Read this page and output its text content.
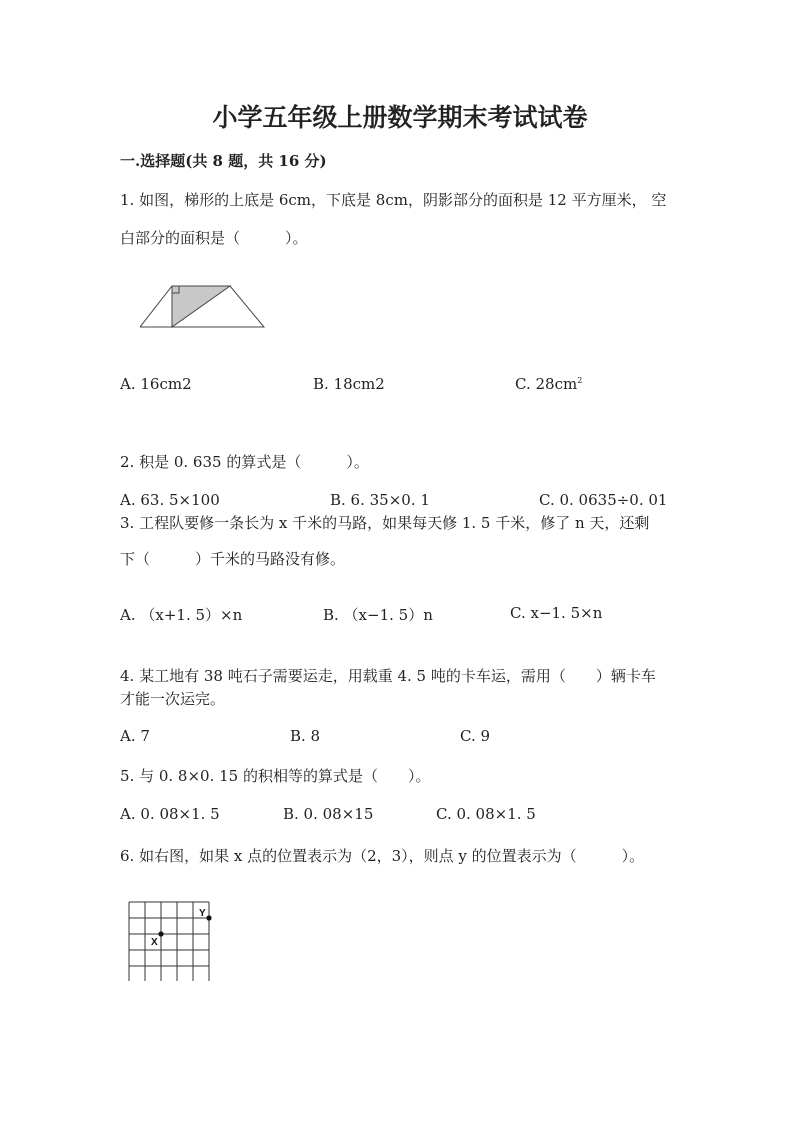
小学五年级上册数学期末考试试卷
一.选择题(共 8 题，共 16 分)
1. 如图，梯形的上底是 6cm，下底是 8cm，阴影部分的面积是 12 平方厘米， 空
白部分的面积是（　　　）。
A. 16cm2	B. 18cm2	C. $28cm^2$
2. 积是 0. 635 的算式是（　　　）。
A. 63. 5×100	B. 6. 35×0. 1	C. 0. 0635÷0. 01
3. 工程队要修一条长为 x 千米的马路，如果每天修 1. 5 千米，修了 n 天，还剩
下（　　　）千米的马路没有修。
A. （x+1. 5）×n	B. （x−1. 5）n	C. x−1. 5×n
4. 某工地有 38 吨石子需要运走，用载重 4. 5 吨的卡车运，需用（　　）辆卡车
才能一次运完。
A. 7	B. 8	C. 9
5. 与 0. 8×0. 15 的积相等的算式是（　　）。
A. 0. 08×1. 5	B. 0. 08×15	C. 0. 08×1. 5
6. 如右图，如果 x 点的位置表示为（2，3），则点 y 的位置表示为（　　　）。
X
Y
